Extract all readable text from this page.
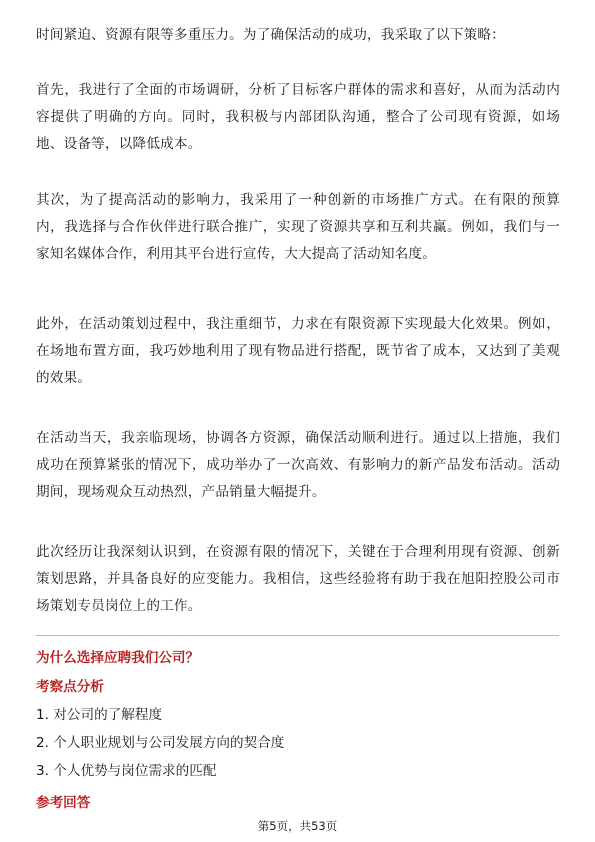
时间紧迫、资源有限等多重压力。为了确保活动的成功，我采取了以下策略：

首先，我进行了全面的市场调研，分析了目标客户群体的需求和喜好，从而为活动内容提供了明确的方向。同时，我积极与内部团队沟通，整合了公司现有资源，如场地、设备等，以降低成本。

其次，为了提高活动的影响力，我采用了一种创新的市场推广方式。在有限的预算内，我选择与合作伙伴进行联合推广，实现了资源共享和互利共赢。例如，我们与一家知名媒体合作，利用其平台进行宣传，大大提高了活动知名度。

此外，在活动策划过程中，我注重细节，力求在有限资源下实现最大化效果。例如，在场地布置方面，我巧妙地利用了现有物品进行搭配，既节省了成本，又达到了美观的效果。

在活动当天，我亲临现场，协调各方资源，确保活动顺利进行。通过以上措施，我们成功在预算紧张的情况下，成功举办了一次高效、有影响力的新产品发布活动。活动期间，现场观众互动热烈，产品销量大幅提升。

此次经历让我深刻认识到，在资源有限的情况下，关键在于合理利用现有资源、创新策划思路，并具备良好的应变能力。我相信，这些经验将有助于我在旭阳控股公司市场策划专员岗位上的工作。

为什么选择应聘我们公司？
考察点分析
1. 对公司的了解程度
2. 个人职业规划与公司发展方向的契合度
3. 个人优势与岗位需求的匹配
参考回答
第5页，共53页
